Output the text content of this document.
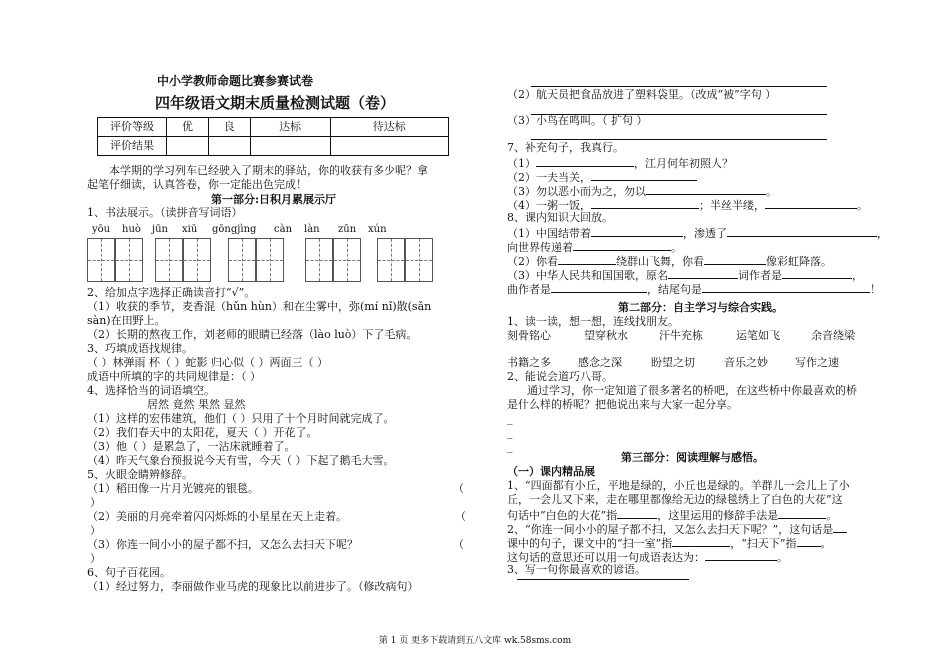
中小学教师命题比赛参赛试卷
四年级语文期末质量检测试题（卷）
评价等级	优	良	达标	待达标
评价结果				
本学期的学习列车已经驶入了期末的驿站，你的收获有多少呢？拿
起笔仔细读，认真答卷，你一定能出色完成！
第一部分:日积月累展示厅
1、书法展示。（读拼音写词语）
yōu huò jūn xiū gōngjìng càn làn zūn xún
2、给加点字选择正确读音打“√”。
（1）收获的季节，麦香混（hǔn hùn）和在尘雾中，弥(mí nǐ)散(sǎn
sàn)在田野上。
（2）长期的熬夜工作，刘老师的眼睛已经落（lào luò）下了毛病。
3、巧填成语找规律。
（ ）林弹雨 杯（ ）蛇影 归心似（ ）两面三（ ）
成语中所填的字的共同规律是：（ ）
4、选择恰当的词语填空。
居然 竟然 果然 显然
（1）这样的宏伟建筑，他们（ ）只用了十个月时间就完成了。
（2）我们春天中的太阳花，夏天（ ）开花了。
（3）他（ ）是累急了，一沾床就睡着了。
（4）昨天气象台预报说今天有雪，今天（ ）下起了鹅毛大雪。
5、火眼金睛辨修辞。
（1）稻田像一片月光镀亮的银毯。	（
）
（2）美丽的月亮牵着闪闪烁烁的小星星在天上走着。	（
）
（3）你连一间小小的屋子都不扫，又怎么去扫天下呢？	（
）
6、句子百花园。
（1）经过努力，李丽做作业马虎的现象比以前进步了。（修改病句）
（2）航天员把食品放进了塑料袋里。（改成“被”字句 ）
（3）小鸟在鸣叫。（ 扩句 ）
7、补充句子，我真行。
（1）	，江月何年初照人？
（2）一夫当关，
（3）勿以恶小而为之，勿以	。
（4）一粥一饭，	；半丝半缕，	。
8、课内知识大回放。
（1）中国结带着	，渗透了	，
向世界传递着	。
（2）你看	绕群山飞舞，你看	像彩虹降落。
（3）中华人民共和国国歌，原名	词作者是	，
曲作者是	，结尾句是	！
第二部分：自主学习与综合实践。
1、读一读，想一想，连线找朋友。
刻骨铭心	望穿秋水	汗牛充栋	运笔如飞	余音绕梁
书籍之多 感念之深	盼望之切	音乐之妙 写作之速
2、能说会道巧八哥。
通过学习，你一定知道了很多著名的桥吧，在这些桥中你最喜欢的桥
是什么样的桥呢？把他说出来与大家一起分享。
_
_
_
第三部分：阅读理解与感悟。
（一）课内精品展
1、“四面都有小丘，平地是绿的，小丘也是绿的。羊群儿一会儿上了小
丘，一会儿又下来，走在哪里都像给无边的绿毯绣上了白色的大花”这
句话中“白色的大花”指	，这里运用的修辞手法是	。
2、“你连一间小小的屋子都不扫，又怎么去扫天下呢？”，这句话是
课中的句子，课文中的“扫一室”指	，“扫天下”指 。
这句话的意思还可以用一句成语表达为：	。
3、写一句你最喜欢的谚语。
第 1 页 更多下载请到五八文库 wk.58sms.com
